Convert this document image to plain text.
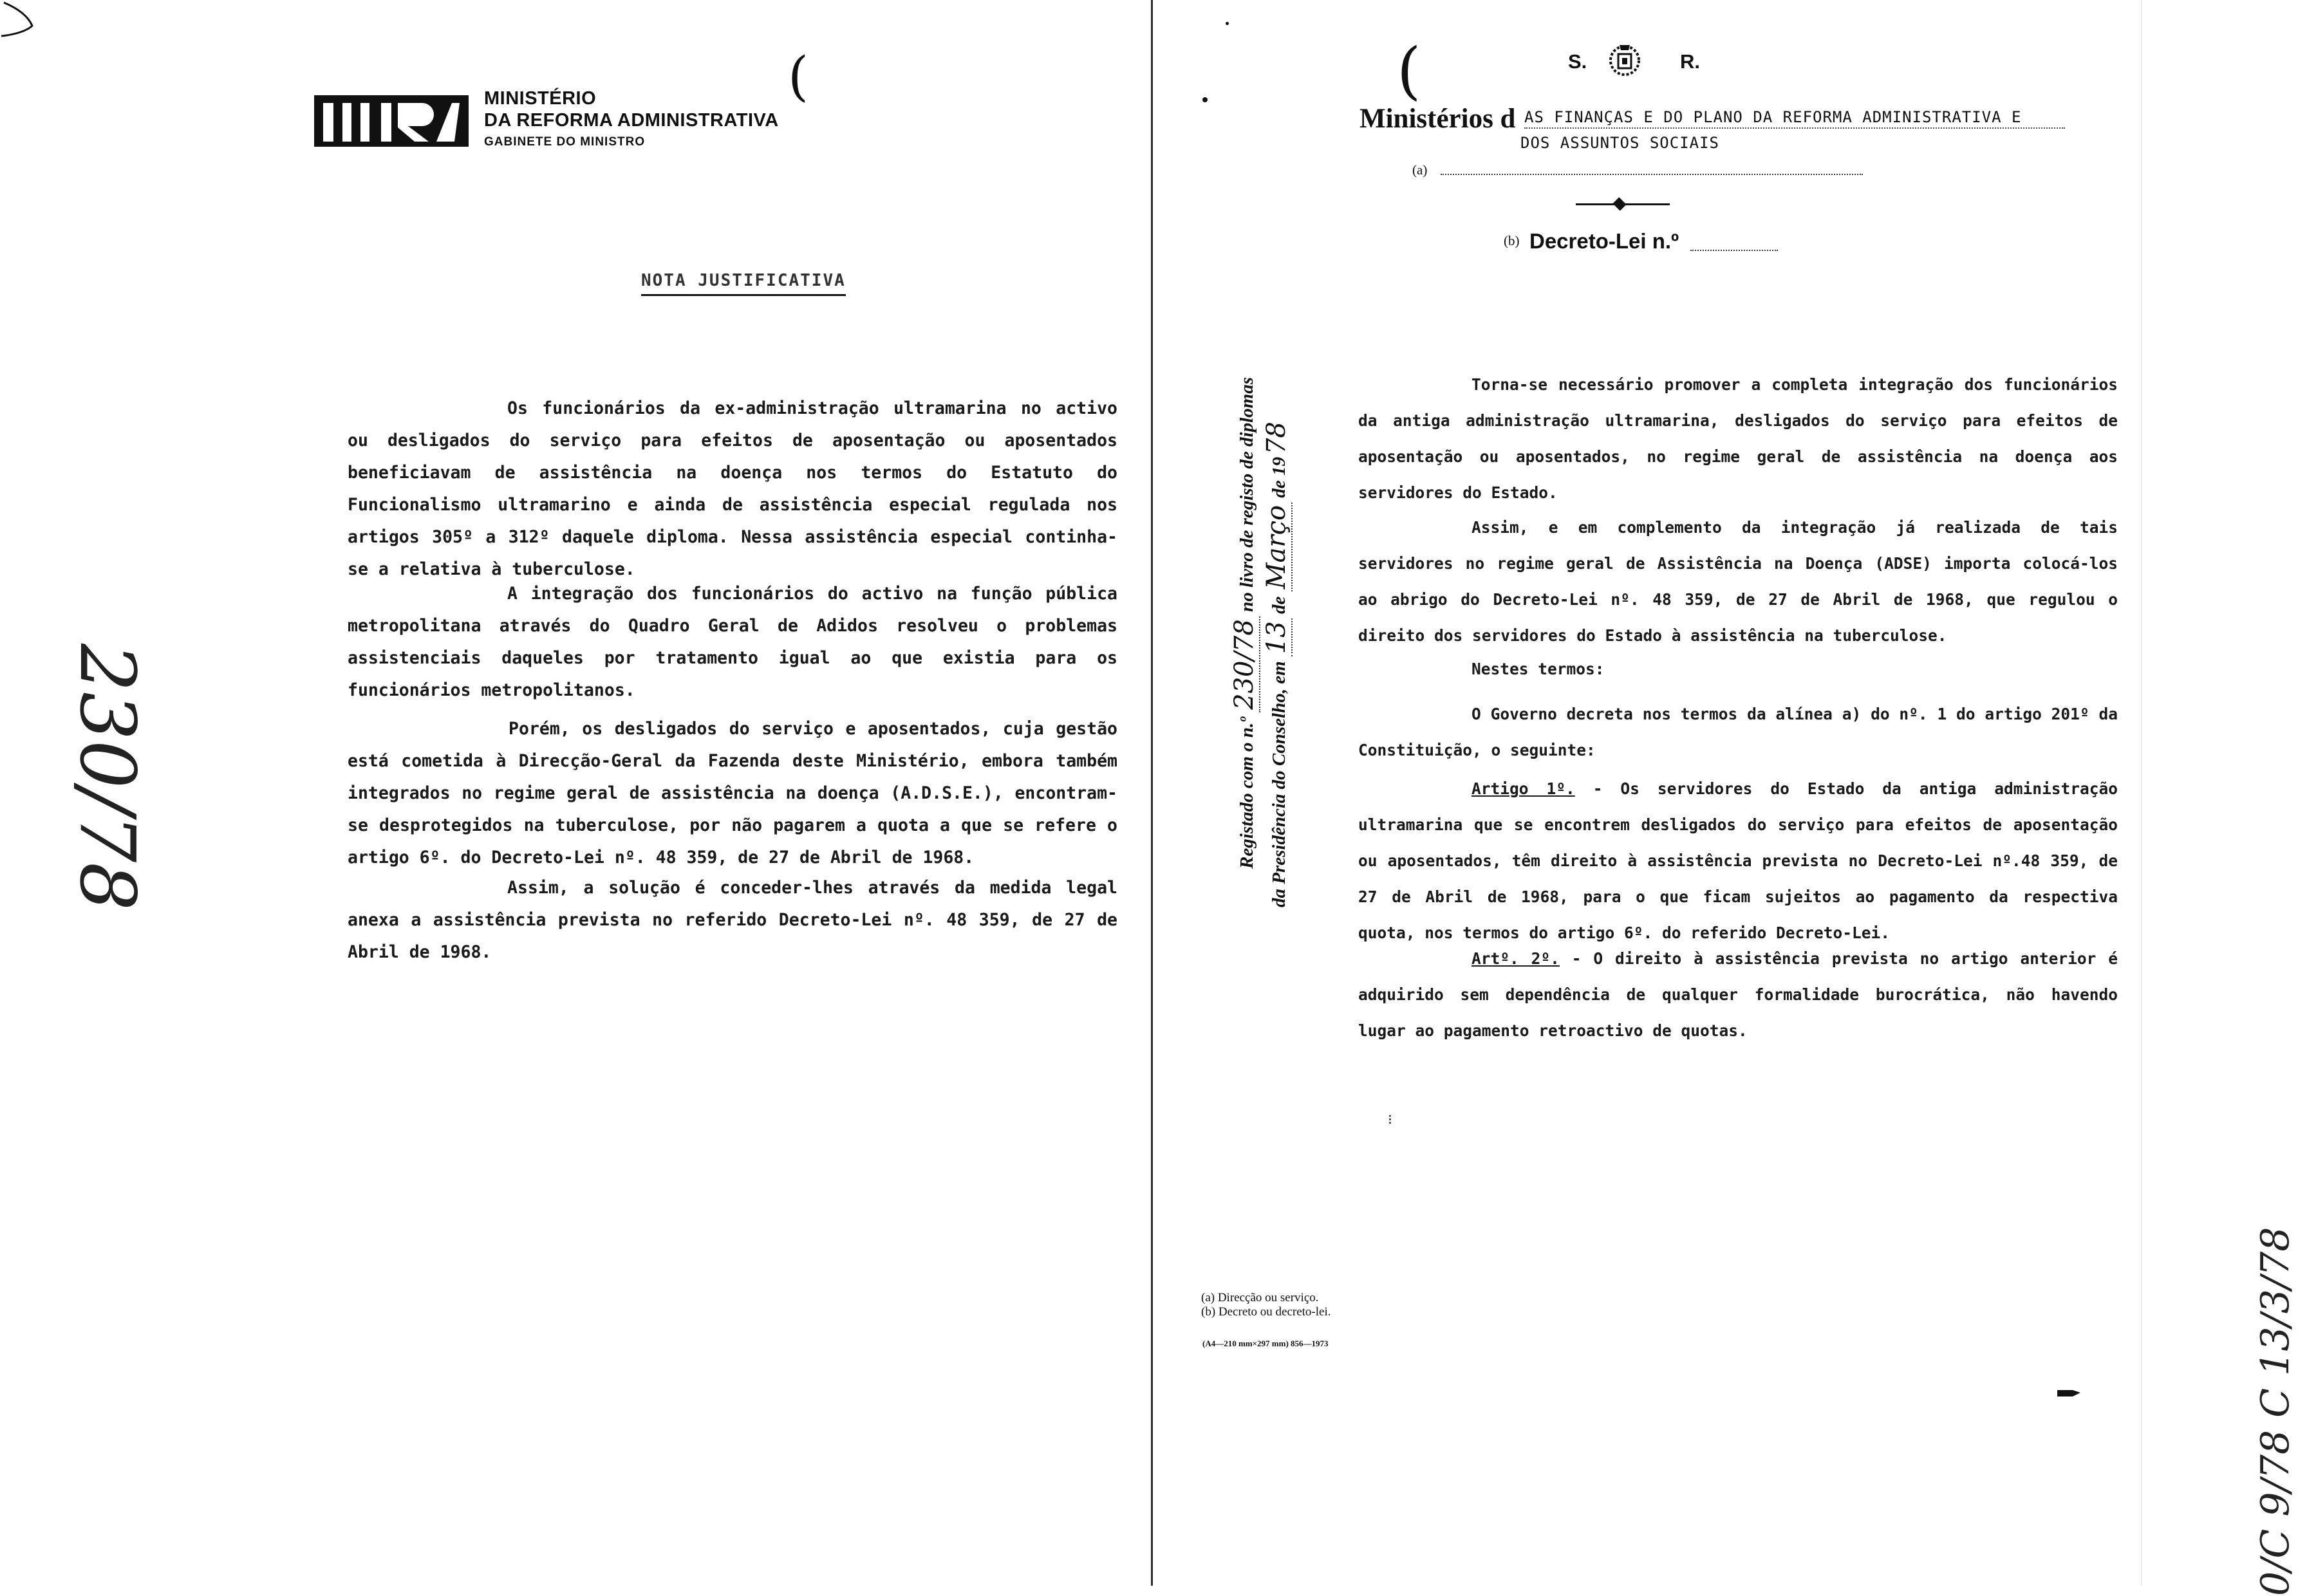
MINISTÉRIO
DA REFORMA ADMINISTRATIVA
GABINETE DO MINISTRO
(
NOTA JUSTIFICATIVA
Os funcionários da ex-administração ultramarina no activo ou desligados do serviço para efeitos de aposentação ou aposentados beneficiavam de assistência na doença nos termos do Estatuto do Funcionalismo ultramarino e ainda de assistência especial regulada nos artigos 305º a 312º daquele diploma. Nessa assistência especial continha-se a relativa à tuberculose.
A integração dos funcionários do activo na função pública metropolitana através do Quadro Geral de Adidos resolveu o problemas assistenciais daqueles por tratamento igual ao que existia para os funcionários metropolitanos.
Porém, os desligados do serviço e aposentados, cuja gestão está cometida à Direcção-Geral da Fazenda deste Ministério, embora também integrados no regime geral de assistência na doença (A.D.S.E.), encontram-se desprotegidos na tuberculose, por não pagarem a quota a que se refere o artigo 6º. do Decreto-Lei nº. 48 359, de 27 de Abril de 1968.
Assim, a solução é conceder-lhes através da medida legal anexa a assistência prevista no referido Decreto-Lei nº. 48 359, de 27 de Abril de 1968.
230/78	Registado com o n.º 230/78 no livro de registo de diplomas
da Presidência do Conselho, em 13 de Março de 1978
(	S.	R.
Ministérios d AS FINANÇAS E DO PLANO DA REFORMA ADMINISTRATIVA E
DOS ASSUNTOS SOCIAIS
(a)
(b) Decreto-Lei n.º
Torna-se necessário promover a completa integração dos funcionários da antiga administração ultramarina, desligados do serviço para efeitos de aposentação ou aposentados, no regime geral de assistência na doença aos servidores do Estado.
Assim, e em complemento da integração já realizada de tais servidores no regime geral de Assistência na Doença (ADSE) importa colocá-los ao abrigo do Decreto-Lei nº. 48 359, de 27 de Abril de 1968, que regulou o direito dos servidores do Estado à assistência na tuberculose.
Nestes termos:
O Governo decreta nos termos da alínea a) do nº. 1 do artigo 201º da Constituição, o seguinte:
Artigo 1º. - Os servidores do Estado da antiga administração ultramarina que se encontrem desligados do serviço para efeitos de aposentação ou aposentados, têm direito à assistência prevista no Decreto-Lei nº.48 359, de 27 de Abril de 1968, para o que ficam sujeitos ao pagamento da respectiva quota, nos termos do artigo 6º. do referido Decreto-Lei.
Artº. 2º. - O direito à assistência prevista no artigo anterior é adquirido sem dependência de qualquer formalidade burocrática, não havendo lugar ao pagamento retroactivo de quotas.
⁝
(a) Direcção ou serviço.
(b) Decreto ou decreto-lei.
(A4—210 mm×297 mm) 856—1973	0/C 9/78 C 13/3/78
